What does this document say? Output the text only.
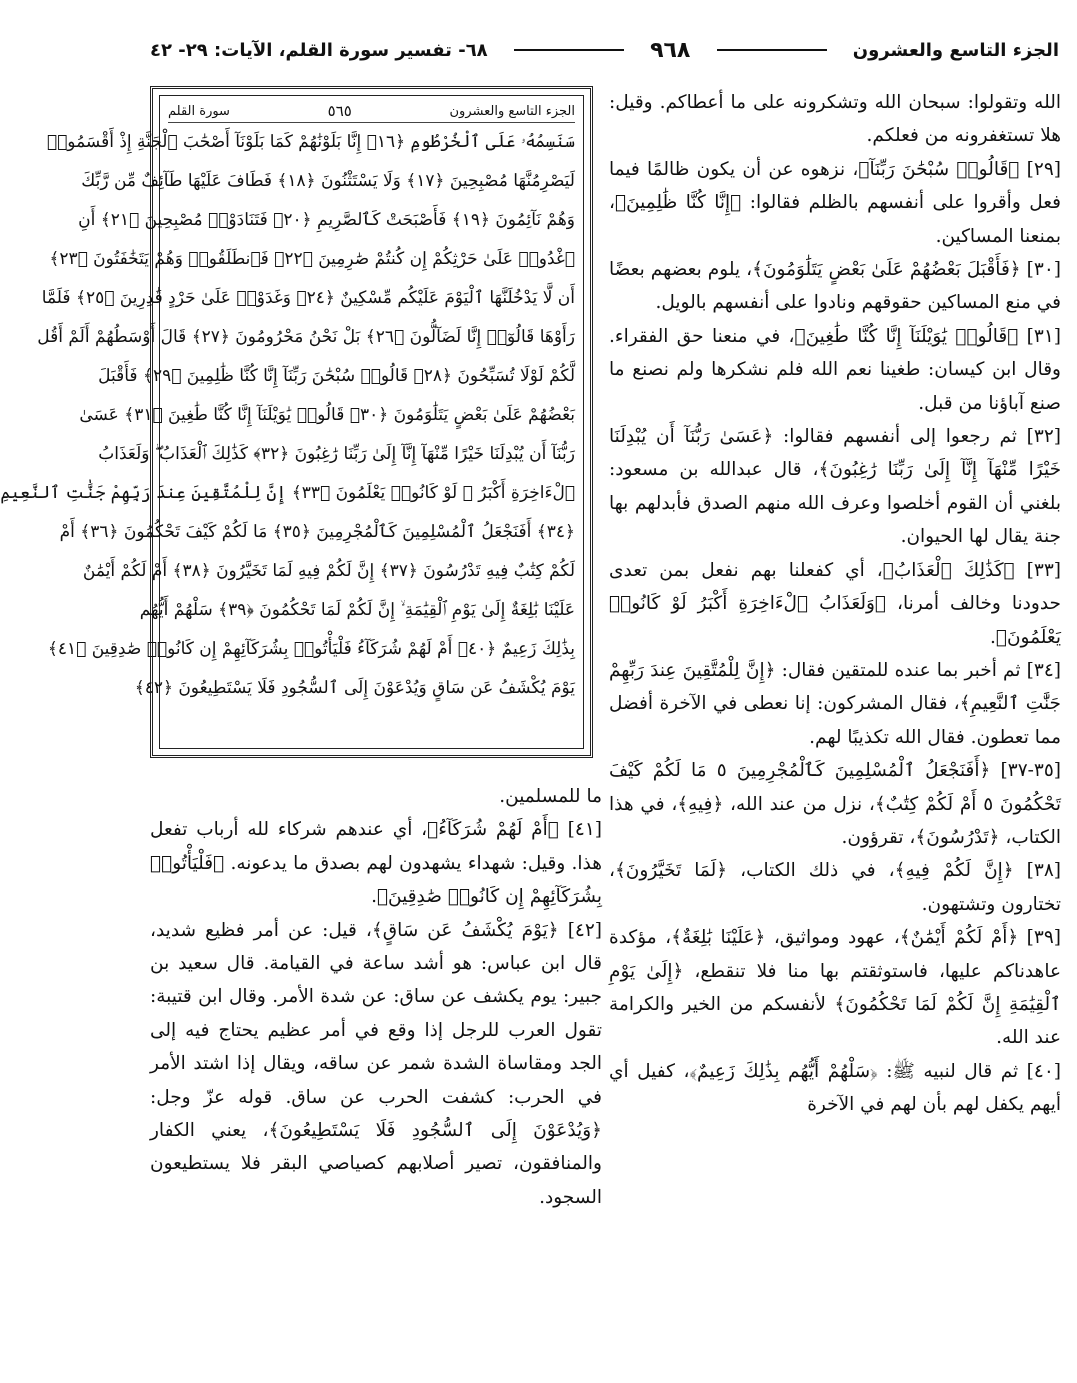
الجزء التاسع والعشرون
٩٦٨
٦٨- تفسير سورة القلم، الآيات: ٢٩- ٤٢

الله وتقولوا: سبحان الله وتشكرونه على ما أعطاكم. وقيل: هلا تستغفرونه من فعلكم.

[٢٩] ﴿قَالُوا۟ سُبْحَٰنَ رَبِّنَآ﴾، نزهوه عن أن يكون ظالمًا فيما فعل وأقروا على أنفسهم بالظلم فقالوا: ﴿إِنَّا كُنَّا ظَٰلِمِينَ﴾، بمنعنا المساكين.

[٣٠] ﴿فَأَقْبَلَ بَعْضُهُمْ عَلَىٰ بَعْضٍ يَتَلَٰوَمُونَ﴾، يلوم بعضهم بعضًا في منع المساكين حقوقهم ونادوا على أنفسهم بالويل.

[٣١] ﴿قَالُوا۟ يَٰوَيْلَنَآ إِنَّا كُنَّا طَٰغِينَ﴾، في منعنا حق الفقراء. وقال ابن كيسان: طغينا نعم الله فلم نشكرها ولم نصنع ما صنع آباؤنا من قبل.

[٣٢] ثم رجعوا إلى أنفسهم فقالوا: ﴿عَسَىٰ رَبُّنَآ أَن يُبْدِلَنَا خَيْرًا مِّنْهَآ إِنَّآ إِلَىٰ رَبِّنَا رَٰغِبُونَ﴾، قال عبدالله بن مسعود: بلغني أن القوم أخلصوا وعرف الله منهم الصدق فأبدلهم بها جنة يقال لها الحيوان.

[٣٣] ﴿كَذَٰلِكَ ٱلْعَذَابُ﴾، أي كفعلنا بهم نفعل بمن تعدى حدودنا وخالف أمرنا، ﴿وَلَعَذَابُ ٱلْءَاخِرَةِ أَكْبَرُ لَوْ كَانُوا۟ يَعْلَمُونَ﴾.

[٣٤] ثم أخبر بما عنده للمتقين فقال: ﴿إِنَّ لِلْمُتَّقِينَ عِندَ رَبِّهِمْ جَنَّٰتِ ٱلنَّعِيمِ﴾، فقال المشركون: إنا نعطى في الآخرة أفضل مما تعطون. فقال الله تكذيبًا لهم.

[٣٥-٣٧] ﴿أَفَنَجْعَلُ ٱلْمُسْلِمِينَ كَٱلْمُجْرِمِينَ ٥ مَا لَكُمْ كَيْفَ تَحْكُمُونَ ٥ أَمْ لَكُمْ كِتَٰبٌ﴾، نزل من عند الله، ﴿فِيهِ﴾، في هذا الكتاب، ﴿تَدْرُسُونَ﴾، تقرؤون.

[٣٨] ﴿إِنَّ لَكُمْ فِيهِ﴾، في ذلك الكتاب، ﴿لَمَا تَخَيَّرُونَ﴾، تختارون وتشتهون.

[٣٩] ﴿أَمْ لَكُمْ أَيْمَٰنٌ﴾، عهود ومواثيق، ﴿عَلَيْنَا بَٰلِغَةٌ﴾، مؤكدة عاهدناكم عليها، فاستوثقتم بها منا فلا تنقطع، ﴿إِلَىٰ يَوْمِ ٱلْقِيَٰمَةِ إِنَّ لَكُمْ لَمَا تَحْكُمُونَ﴾ لأنفسكم من الخير والكرامة عند الله.

[٤٠] ثم قال لنبيه ﷺ: ﴿سَلْهُمْ أَيُّهُم بِذَٰلِكَ زَعِيمٌ﴾، كفيل أي أيهم يكفل لهم بأن لهم في الآخرة

الجزء التاسع والعشرون
٥٦٥
سورة القلم
سَنَسِمُهُۥ عَلَى ٱلْخُرْطُومِ ﴿١٦﴾ إِنَّا بَلَوْنَٰهُمْ كَمَا بَلَوْنَآ أَصْحَٰبَ ٱلْجَنَّةِ إِذْ أَقْسَمُوا۟
لَيَصْرِمُنَّهَا مُصْبِحِينَ ﴿١٧﴾ وَلَا يَسْتَثْنُونَ ﴿١٨﴾ فَطَافَ عَلَيْهَا طَآئِفٌ مِّن رَّبِّكَ
وَهُمْ نَآئِمُونَ ﴿١٩﴾ فَأَصْبَحَتْ كَٱلصَّرِيمِ ﴿٢٠﴾ فَتَنَادَوْا۟ مُصْبِحِينَ ﴿٢١﴾ أَنِ
ٱغْدُوا۟ عَلَىٰ حَرْثِكُمْ إِن كُنتُمْ صَٰرِمِينَ ﴿٢٢﴾ فَٱنطَلَقُوا۟ وَهُمْ يَتَخَٰفَتُونَ ﴿٢٣﴾
أَن لَّا يَدْخُلَنَّهَا ٱلْيَوْمَ عَلَيْكُم مِّسْكِينٌ ﴿٢٤﴾ وَغَدَوْا۟ عَلَىٰ حَرْدٍ قَٰدِرِينَ ﴿٢٥﴾ فَلَمَّا
رَأَوْهَا قَالُوٓا۟ إِنَّا لَضَآلُّونَ ﴿٢٦﴾ بَلْ نَحْنُ مَحْرُومُونَ ﴿٢٧﴾ قَالَ أَوْسَطُهُمْ أَلَمْ أَقُل
لَّكُمْ لَوْلَا تُسَبِّحُونَ ﴿٢٨﴾ قَالُوا۟ سُبْحَٰنَ رَبِّنَآ إِنَّا كُنَّا ظَٰلِمِينَ ﴿٢٩﴾ فَأَقْبَلَ
بَعْضُهُمْ عَلَىٰ بَعْضٍ يَتَلَٰوَمُونَ ﴿٣٠﴾ قَالُوا۟ يَٰوَيْلَنَآ إِنَّا كُنَّا طَٰغِينَ ﴿٣١﴾ عَسَىٰ
رَبُّنَآ أَن يُبْدِلَنَا خَيْرًا مِّنْهَآ إِنَّآ إِلَىٰ رَبِّنَا رَٰغِبُونَ ﴿٣٢﴾ كَذَٰلِكَ ٱلْعَذَابُ ۖ وَلَعَذَابُ
ٱلْءَاخِرَةِ أَكْبَرُ ۚ لَوْ كَانُوا۟ يَعْلَمُونَ ﴿٣٣﴾ إِنَّ لِلْمُتَّقِينَ عِندَ رَبِّهِمْ جَنَّٰتِ ٱلنَّعِيمِ
﴿٣٤﴾ أَفَنَجْعَلُ ٱلْمُسْلِمِينَ كَٱلْمُجْرِمِينَ ﴿٣٥﴾ مَا لَكُمْ كَيْفَ تَحْكُمُونَ ﴿٣٦﴾ أَمْ
لَكُمْ كِتَٰبٌ فِيهِ تَدْرُسُونَ ﴿٣٧﴾ إِنَّ لَكُمْ فِيهِ لَمَا تَخَيَّرُونَ ﴿٣٨﴾ أَمْ لَكُمْ أَيْمَٰنٌ
عَلَيْنَا بَٰلِغَةٌ إِلَىٰ يَوْمِ ٱلْقِيَٰمَةِ ۙ إِنَّ لَكُمْ لَمَا تَحْكُمُونَ ﴿٣٩﴾ سَلْهُمْ أَيُّهُم
بِذَٰلِكَ زَعِيمٌ ﴿٤٠﴾ أَمْ لَهُمْ شُرَكَآءُ فَلْيَأْتُوا۟ بِشُرَكَآئِهِمْ إِن كَانُوا۟ صَٰدِقِينَ ﴿٤١﴾
يَوْمَ يُكْشَفُ عَن سَاقٍ وَيُدْعَوْنَ إِلَى ٱلسُّجُودِ فَلَا يَسْتَطِيعُونَ ﴿٤٢﴾

ما للمسلمين.

[٤١] ﴿أَمْ لَهُمْ شُرَكَآءُ﴾، أي عندهم شركاء لله أرباب تفعل هذا. وقيل: شهداء يشهدون لهم بصدق ما يدعونه. ﴿فَلْيَأْتُوا۟ بِشُرَكَآئِهِمْ إِن كَانُوا۟ صَٰدِقِينَ﴾.

[٤٢] ﴿يَوْمَ يُكْشَفُ عَن سَاقٍ﴾، قيل: عن أمر فظيع شديد، قال ابن عباس: هو أشد ساعة في القيامة. قال سعيد بن جبير: يوم يكشف عن ساق: عن شدة الأمر. وقال ابن قتيبة: تقول العرب للرجل إذا وقع في أمر عظيم يحتاج فيه إلى الجد ومقاساة الشدة شمر عن ساقه، ويقال إذا اشتد الأمر في الحرب: كشفت الحرب عن ساق. قوله عزّ وجل: ﴿وَيُدْعَوْنَ إِلَى ٱلسُّجُودِ فَلَا يَسْتَطِيعُونَ﴾، يعني الكفار والمنافقون، تصير أصلابهم كصياصي البقر فلا يستطيعون السجود.
